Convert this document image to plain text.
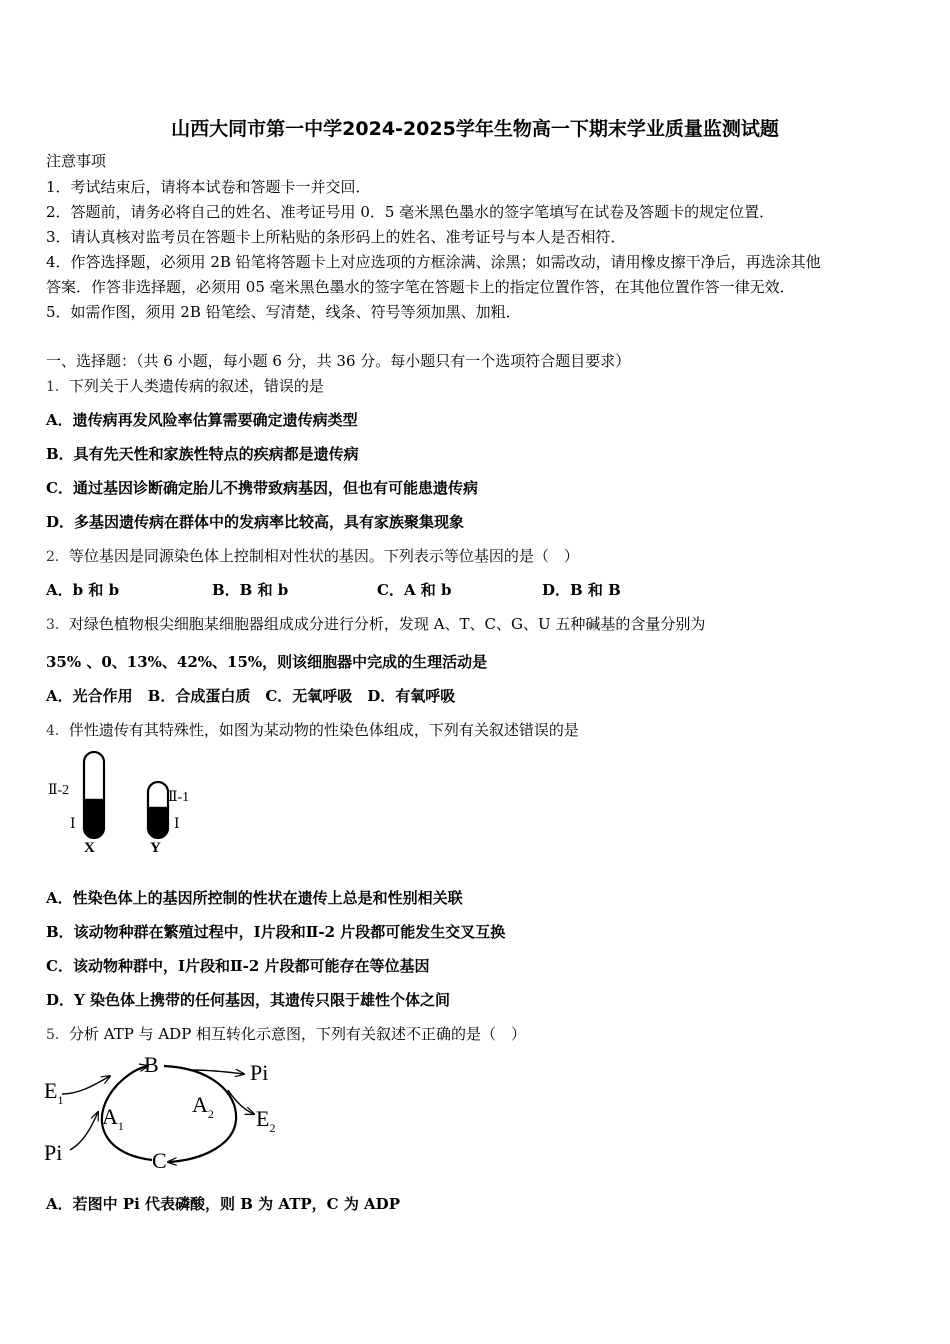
山西大同市第一中学2024-2025学年生物高一下期末学业质量监测试题
注意事项
1．考试结束后，请将本试卷和答题卡一并交回．
2．答题前，请务必将自己的姓名、准考证号用 0．5 毫米黑色墨水的签字笔填写在试卷及答题卡的规定位置．
3．请认真核对监考员在答题卡上所粘贴的条形码上的姓名、准考证号与本人是否相符．
4．作答选择题，必须用 2B 铅笔将答题卡上对应选项的方框涂满、涂黑；如需改动，请用橡皮擦干净后，再选涂其他
答案．作答非选择题，必须用 05 毫米黑色墨水的签字笔在答题卡上的指定位置作答，在其他位置作答一律无效．
5．如需作图，须用 2B 铅笔绘、写清楚，线条、符号等须加黑、加粗．
一、选择题：（共 6 小题，每小题 6 分，共 36 分。每小题只有一个选项符合题目要求）
1．下列关于人类遗传病的叙述，错误的是
A．遗传病再发风险率估算需要确定遗传病类型
B．具有先天性和家族性特点的疾病都是遗传病
C．通过基因诊断确定胎儿不携带致病基因，但也有可能患遗传病
D．多基因遗传病在群体中的发病率比较高，具有家族聚集现象
2．等位基因是同源染色体上控制相对性状的基因。下列表示等位基因的是（　）
A．b 和 b	B．B 和 b	C．A 和 b	D．B 和 B
3．对绿色植物根尖细胞某细胞器组成成分进行分析，发现 A、T、C、G、U 五种碱基的含量分别为
35% 、0、13%、42%、15%，则该细胞器中完成的生理活动是
A．光合作用　B．合成蛋白质　C．无氧呼吸　D．有氧呼吸
4．伴性遗传有其特殊性，如图为某动物的性染色体组成，下列有关叙述错误的是
Ⅱ-2
Ⅰ
X
Ⅱ-1
Ⅰ
Y
A．性染色体上的基因所控制的性状在遗传上总是和性别相关联
B．该动物种群在繁殖过程中，Ⅰ片段和Ⅱ-2 片段都可能发生交叉互换
C．该动物种群中，Ⅰ片段和Ⅱ-2 片段都可能存在等位基因
D．Y 染色体上携带的任何基因，其遗传只限于雄性个体之间
5．分析 ATP 与 ADP 相互转化示意图，下列有关叙述不正确的是（　）
B
C
$E_1$
Pi
Pi
$E_2$
$A_1$
$A_2$
A．若图中 Pi 代表磷酸，则 B 为 ATP，C 为 ADP
